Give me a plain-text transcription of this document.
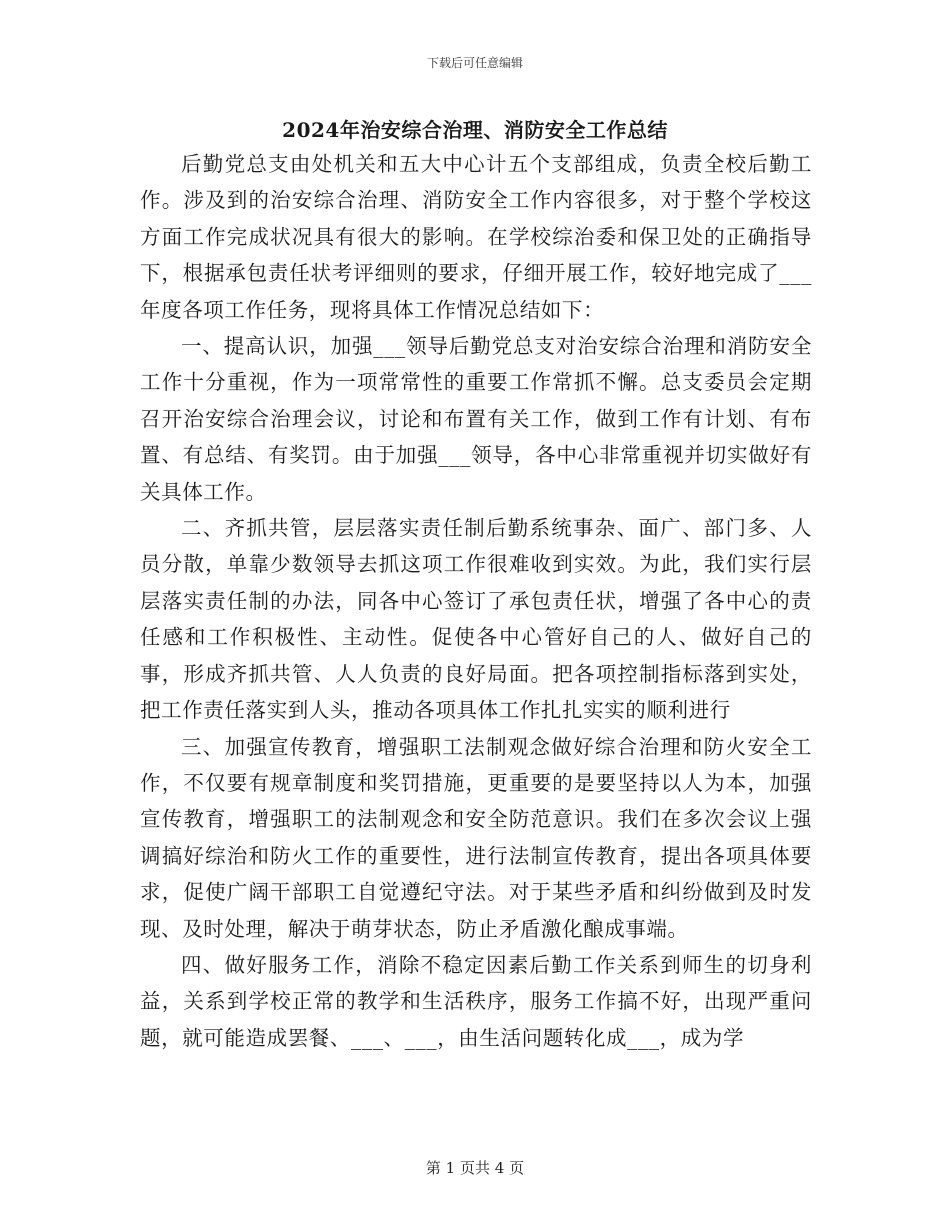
下载后可任意编辑
2024年治安综合治理、消防安全工作总结

后勤党总支由处机关和五大中心计五个支部组成，负责全校后勤工作。涉及到的治安综合治理、消防安全工作内容很多，对于整个学校这方面工作完成状况具有很大的影响。在学校综治委和保卫处的正确指导下，根据承包责任状考评细则的要求，仔细开展工作，较好地完成了___年度各项工作任务，现将具体工作情况总结如下：

一、提高认识，加强___领导后勤党总支对治安综合治理和消防安全工作十分重视，作为一项常常性的重要工作常抓不懈。总支委员会定期召开治安综合治理会议，讨论和布置有关工作，做到工作有计划、有布置、有总结、有奖罚。由于加强___领导，各中心非常重视并切实做好有关具体工作。

二、齐抓共管，层层落实责任制后勤系统事杂、面广、部门多、人员分散，单靠少数领导去抓这项工作很难收到实效。为此，我们实行层层落实责任制的办法，同各中心签订了承包责任状，增强了各中心的责任感和工作积极性、主动性。促使各中心管好自己的人、做好自己的事，形成齐抓共管、人人负责的良好局面。把各项控制指标落到实处，把工作责任落实到人头，推动各项具体工作扎扎实实的顺利进行

三、加强宣传教育，增强职工法制观念做好综合治理和防火安全工作，不仅要有规章制度和奖罚措施，更重要的是要坚持以人为本，加强宣传教育，增强职工的法制观念和安全防范意识。我们在多次会议上强调搞好综治和防火工作的重要性，进行法制宣传教育，提出各项具体要求，促使广阔干部职工自觉遵纪守法。对于某些矛盾和纠纷做到及时发现、及时处理，解决于萌芽状态，防止矛盾激化酿成事端。

四、做好服务工作，消除不稳定因素后勤工作关系到师生的切身利益，关系到学校正常的教学和生活秩序，服务工作搞不好，出现严重问题，就可能造成罢餐、___、___，由生活问题转化成___，成为学

第 1 页共 4 页
